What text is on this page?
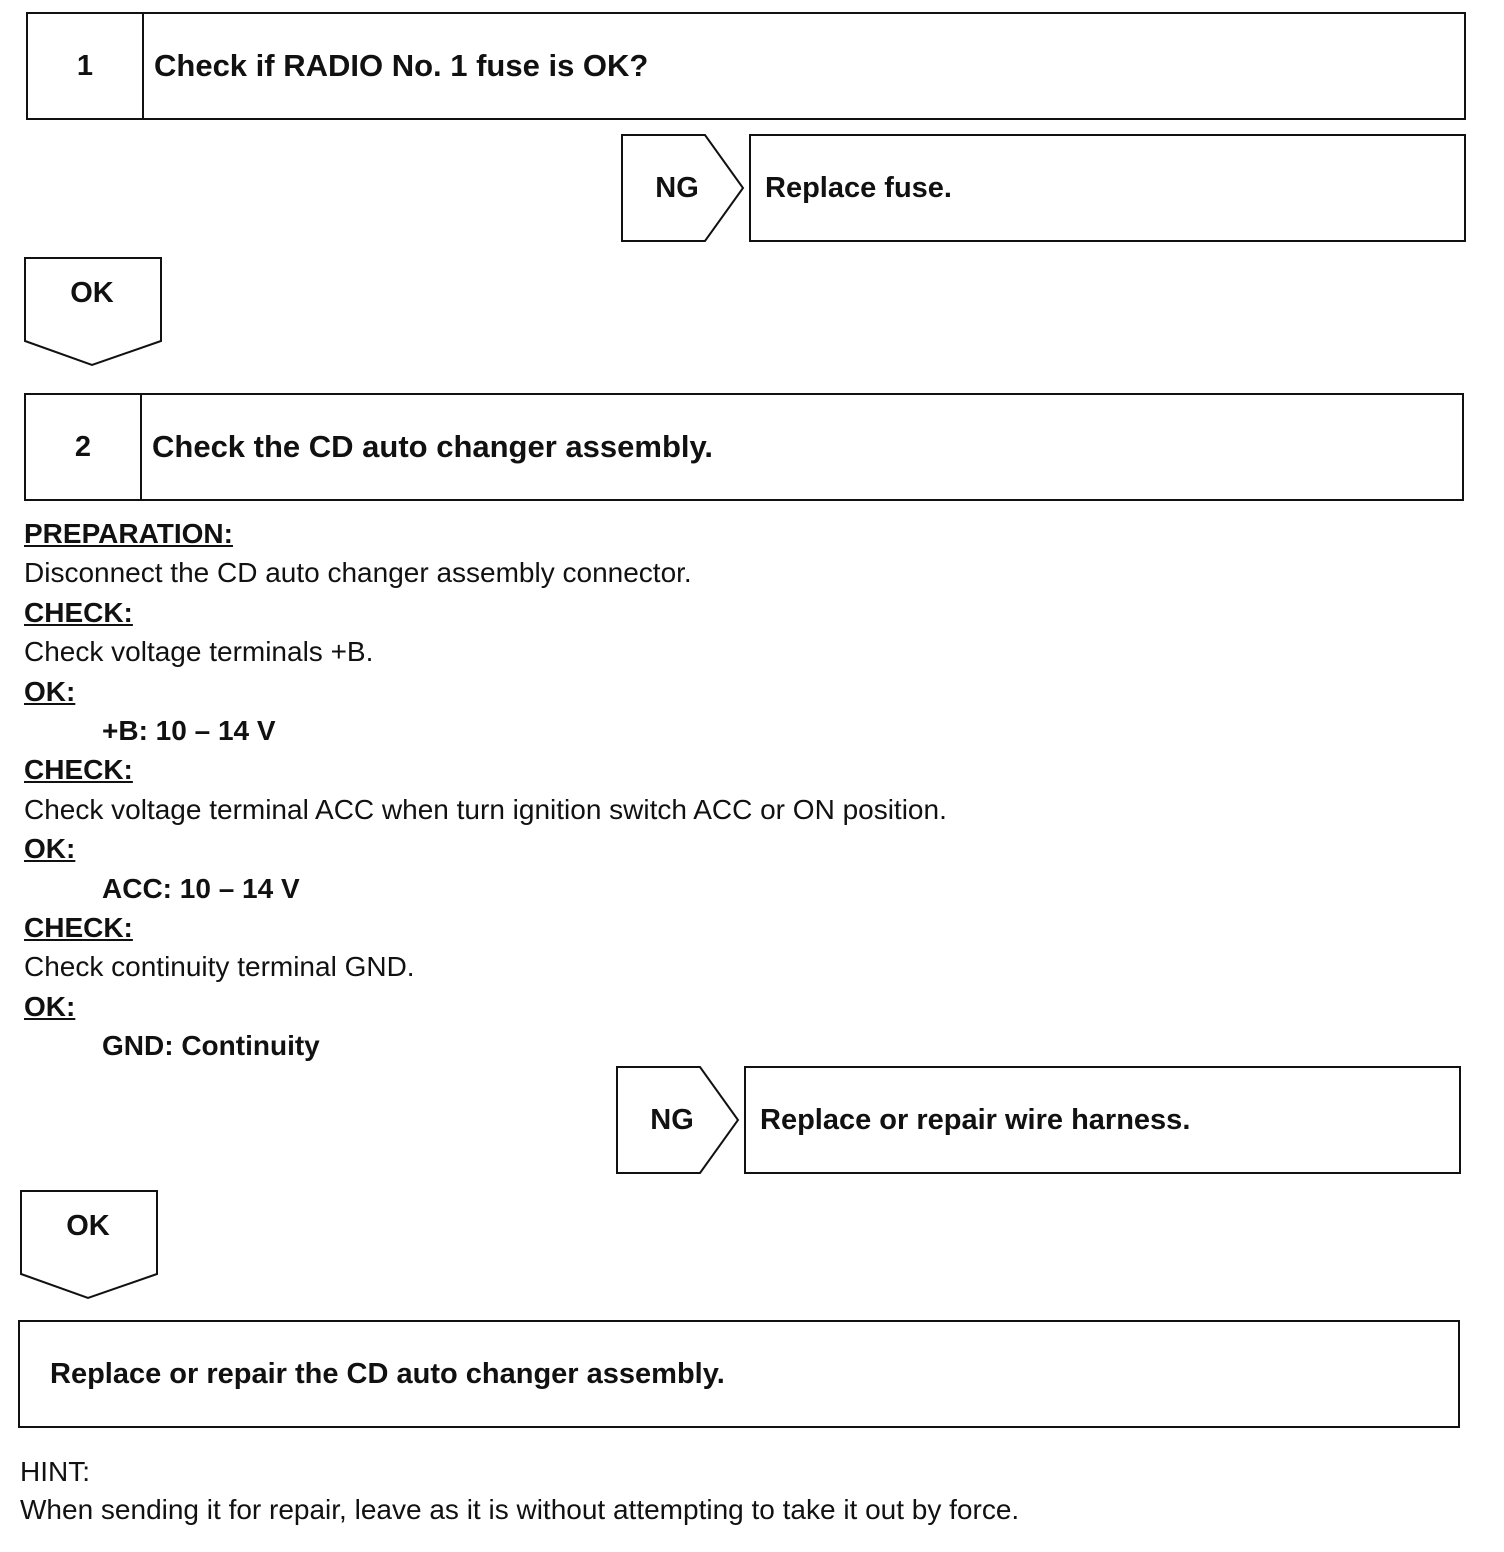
1	Check if RADIO No. 1 fuse is OK?
NG	Replace fuse.
OK
2	Check the CD auto changer assembly.
PREPARATION:
Disconnect the CD auto changer assembly connector.
CHECK:
Check voltage terminals +B.
OK:
+B: 10 – 14 V
CHECK:
Check voltage terminal ACC when turn ignition switch ACC or ON position.
OK:
ACC: 10 – 14 V
CHECK:
Check continuity terminal GND.
OK:
GND: Continuity
NG	Replace or repair wire harness.
OK
Replace or repair the CD auto changer assembly.
HINT:
When sending it for repair, leave as it is without attempting to take it out by force.
